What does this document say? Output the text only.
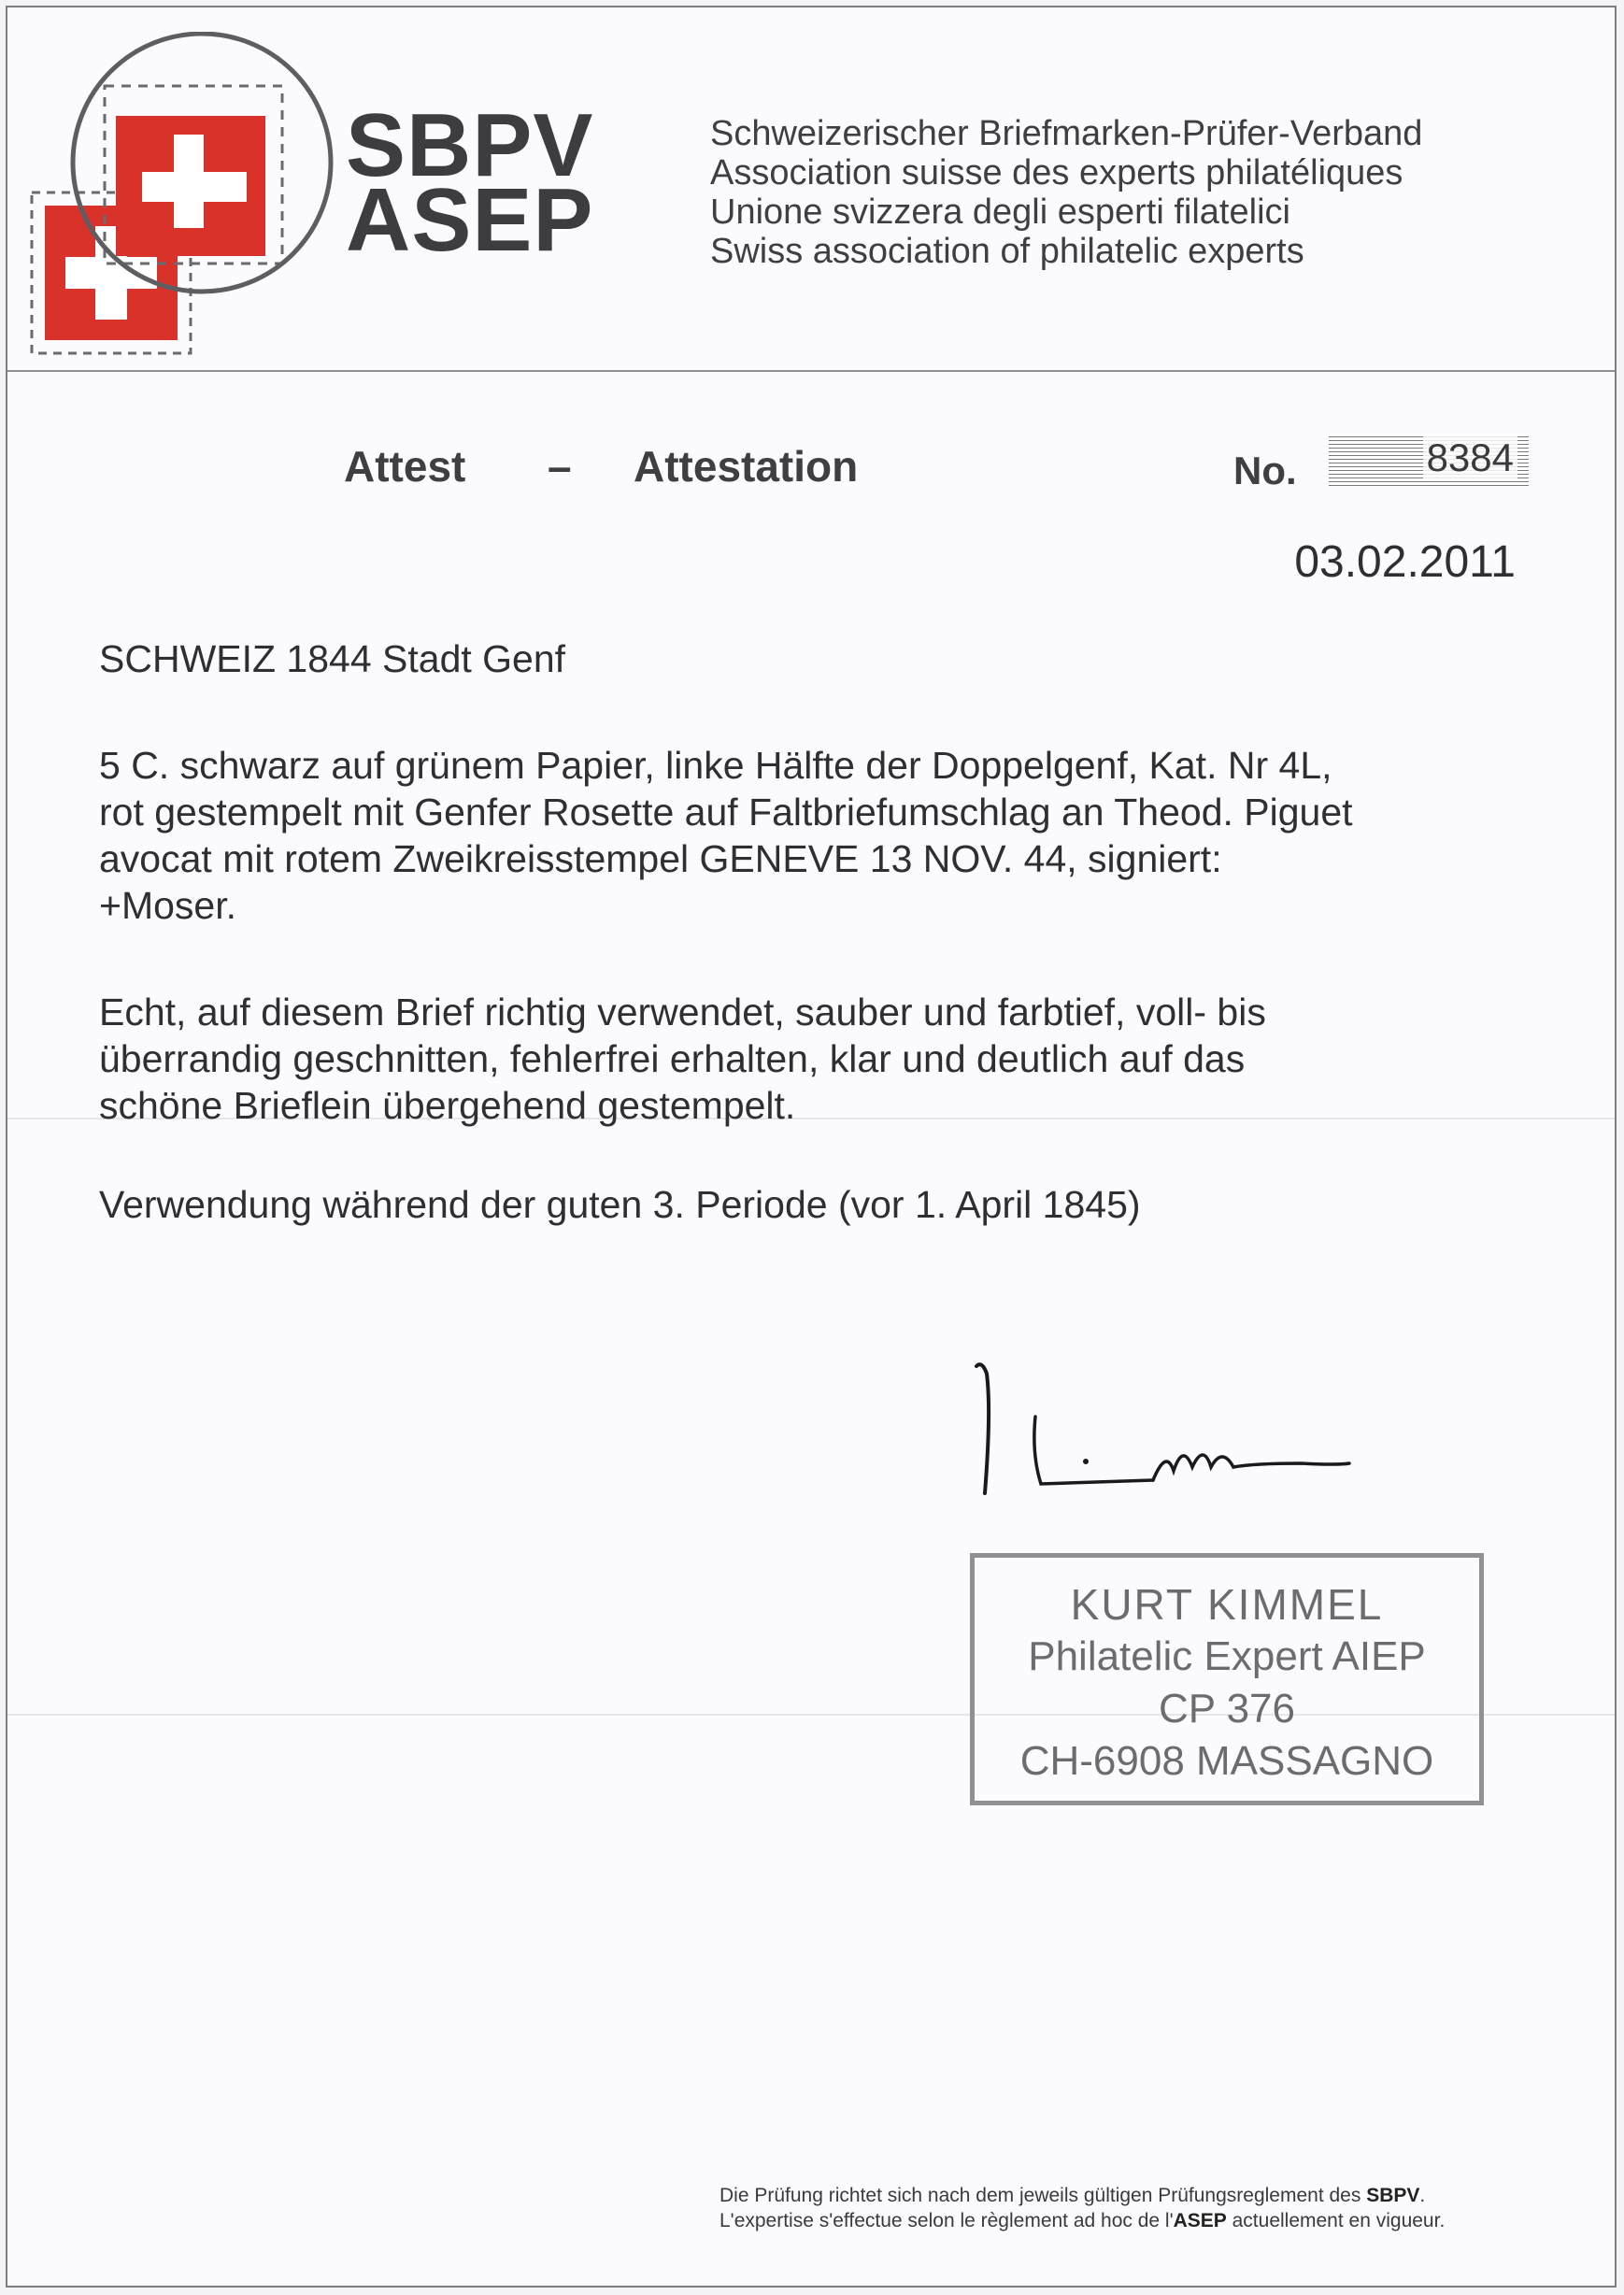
SBPV
ASEP
Schweizerischer Briefmarken-Prüfer-Verband
Association suisse des experts philatéliques
Unione svizzera degli esperti filatelici
Swiss association of philatelic experts
Attest – Attestation	No.	8384
03.02.2011
SCHWEIZ 1844 Stadt Genf
5 C. schwarz auf grünem Papier, linke Hälfte der Doppelgenf, Kat. Nr 4L,
rot gestempelt mit Genfer Rosette auf Faltbriefumschlag an Theod. Piguet
avocat mit rotem Zweikreisstempel GENEVE 13 NOV. 44, signiert:
+Moser.
Echt, auf diesem Brief richtig verwendet, sauber und farbtief, voll- bis
überrandig geschnitten, fehlerfrei erhalten, klar und deutlich auf das
schöne Brieflein übergehend gestempelt.
Verwendung während der guten 3. Periode (vor 1. April 1845)
KURT KIMMEL
Philatelic Expert AIEP
CP 376
CH-6908 MASSAGNO
Die Prüfung richtet sich nach dem jeweils gültigen Prüfungsreglement des SBPV.
L'expertise s'effectue selon le règlement ad hoc de l'ASEP actuellement en vigueur.
